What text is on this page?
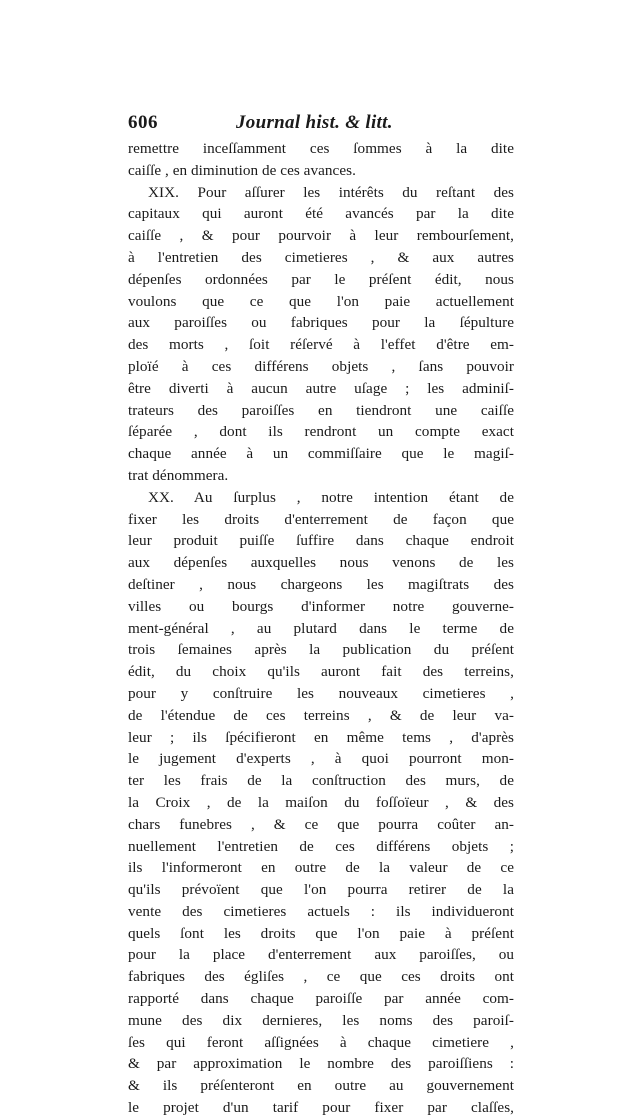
606	Journal hist. & litt.
remettre inceſſamment ces ſommes à la dite
caiſſe , en diminution de ces avances.
XIX. Pour aſſurer les intérêts du reſtant des
capitaux qui auront été avancés par la dite
caiſſe , & pour pourvoir à leur rembourſement,
à l'entretien des cimetieres , & aux autres
dépenſes ordonnées par le préſent édit, nous
voulons que ce que l'on paie actuellement
aux paroiſſes ou fabriques pour la ſépulture
des morts , ſoit réſervé à l'effet d'être em-
ploïé à ces différens objets , ſans pouvoir
être diverti à aucun autre uſage ; les adminiſ-
trateurs des paroiſſes en tiendront une caiſſe
ſéparée , dont ils rendront un compte exact
chaque année à un commiſſaire que le magiſ-
trat dénommera.
XX. Au ſurplus , notre intention étant de
fixer les droits d'enterrement de façon que
leur produit puiſſe ſuffire dans chaque endroit
aux dépenſes auxquelles nous venons de les
deſtiner , nous chargeons les magiſtrats des
villes ou bourgs d'informer notre gouverne-
ment-général , au plutard dans le terme de
trois ſemaines après la publication du préſent
édit, du choix qu'ils auront fait des terreins,
pour y conſtruire les nouveaux cimetieres ,
de l'étendue de ces terreins , & de leur va-
leur ; ils ſpécifieront en même tems , d'après
le jugement d'experts , à quoi pourront mon-
ter les frais de la conſtruction des murs, de
la Croix , de la maiſon du foſſoïeur , & des
chars funebres , & ce que pourra coûter an-
nuellement l'entretien de ces différens objets ;
ils l'informeront en outre de la valeur de ce
qu'ils prévoïent que l'on pourra retirer de la
vente des cimetieres actuels : ils individueront
quels ſont les droits que l'on paie à préſent
pour la place d'enterrement aux paroiſſes, ou
fabriques des égliſes , ce que ces droits ont
rapporté dans chaque paroiſſe par année com-
mune des dix dernieres, les noms des paroiſ-
ſes qui feront aſſignées à chaque cimetiere ,
& par approximation le nombre des paroiſſiens :
& ils préſenteront en outre au gouvernement
le projet d'un tarif pour fixer par claſſes,
